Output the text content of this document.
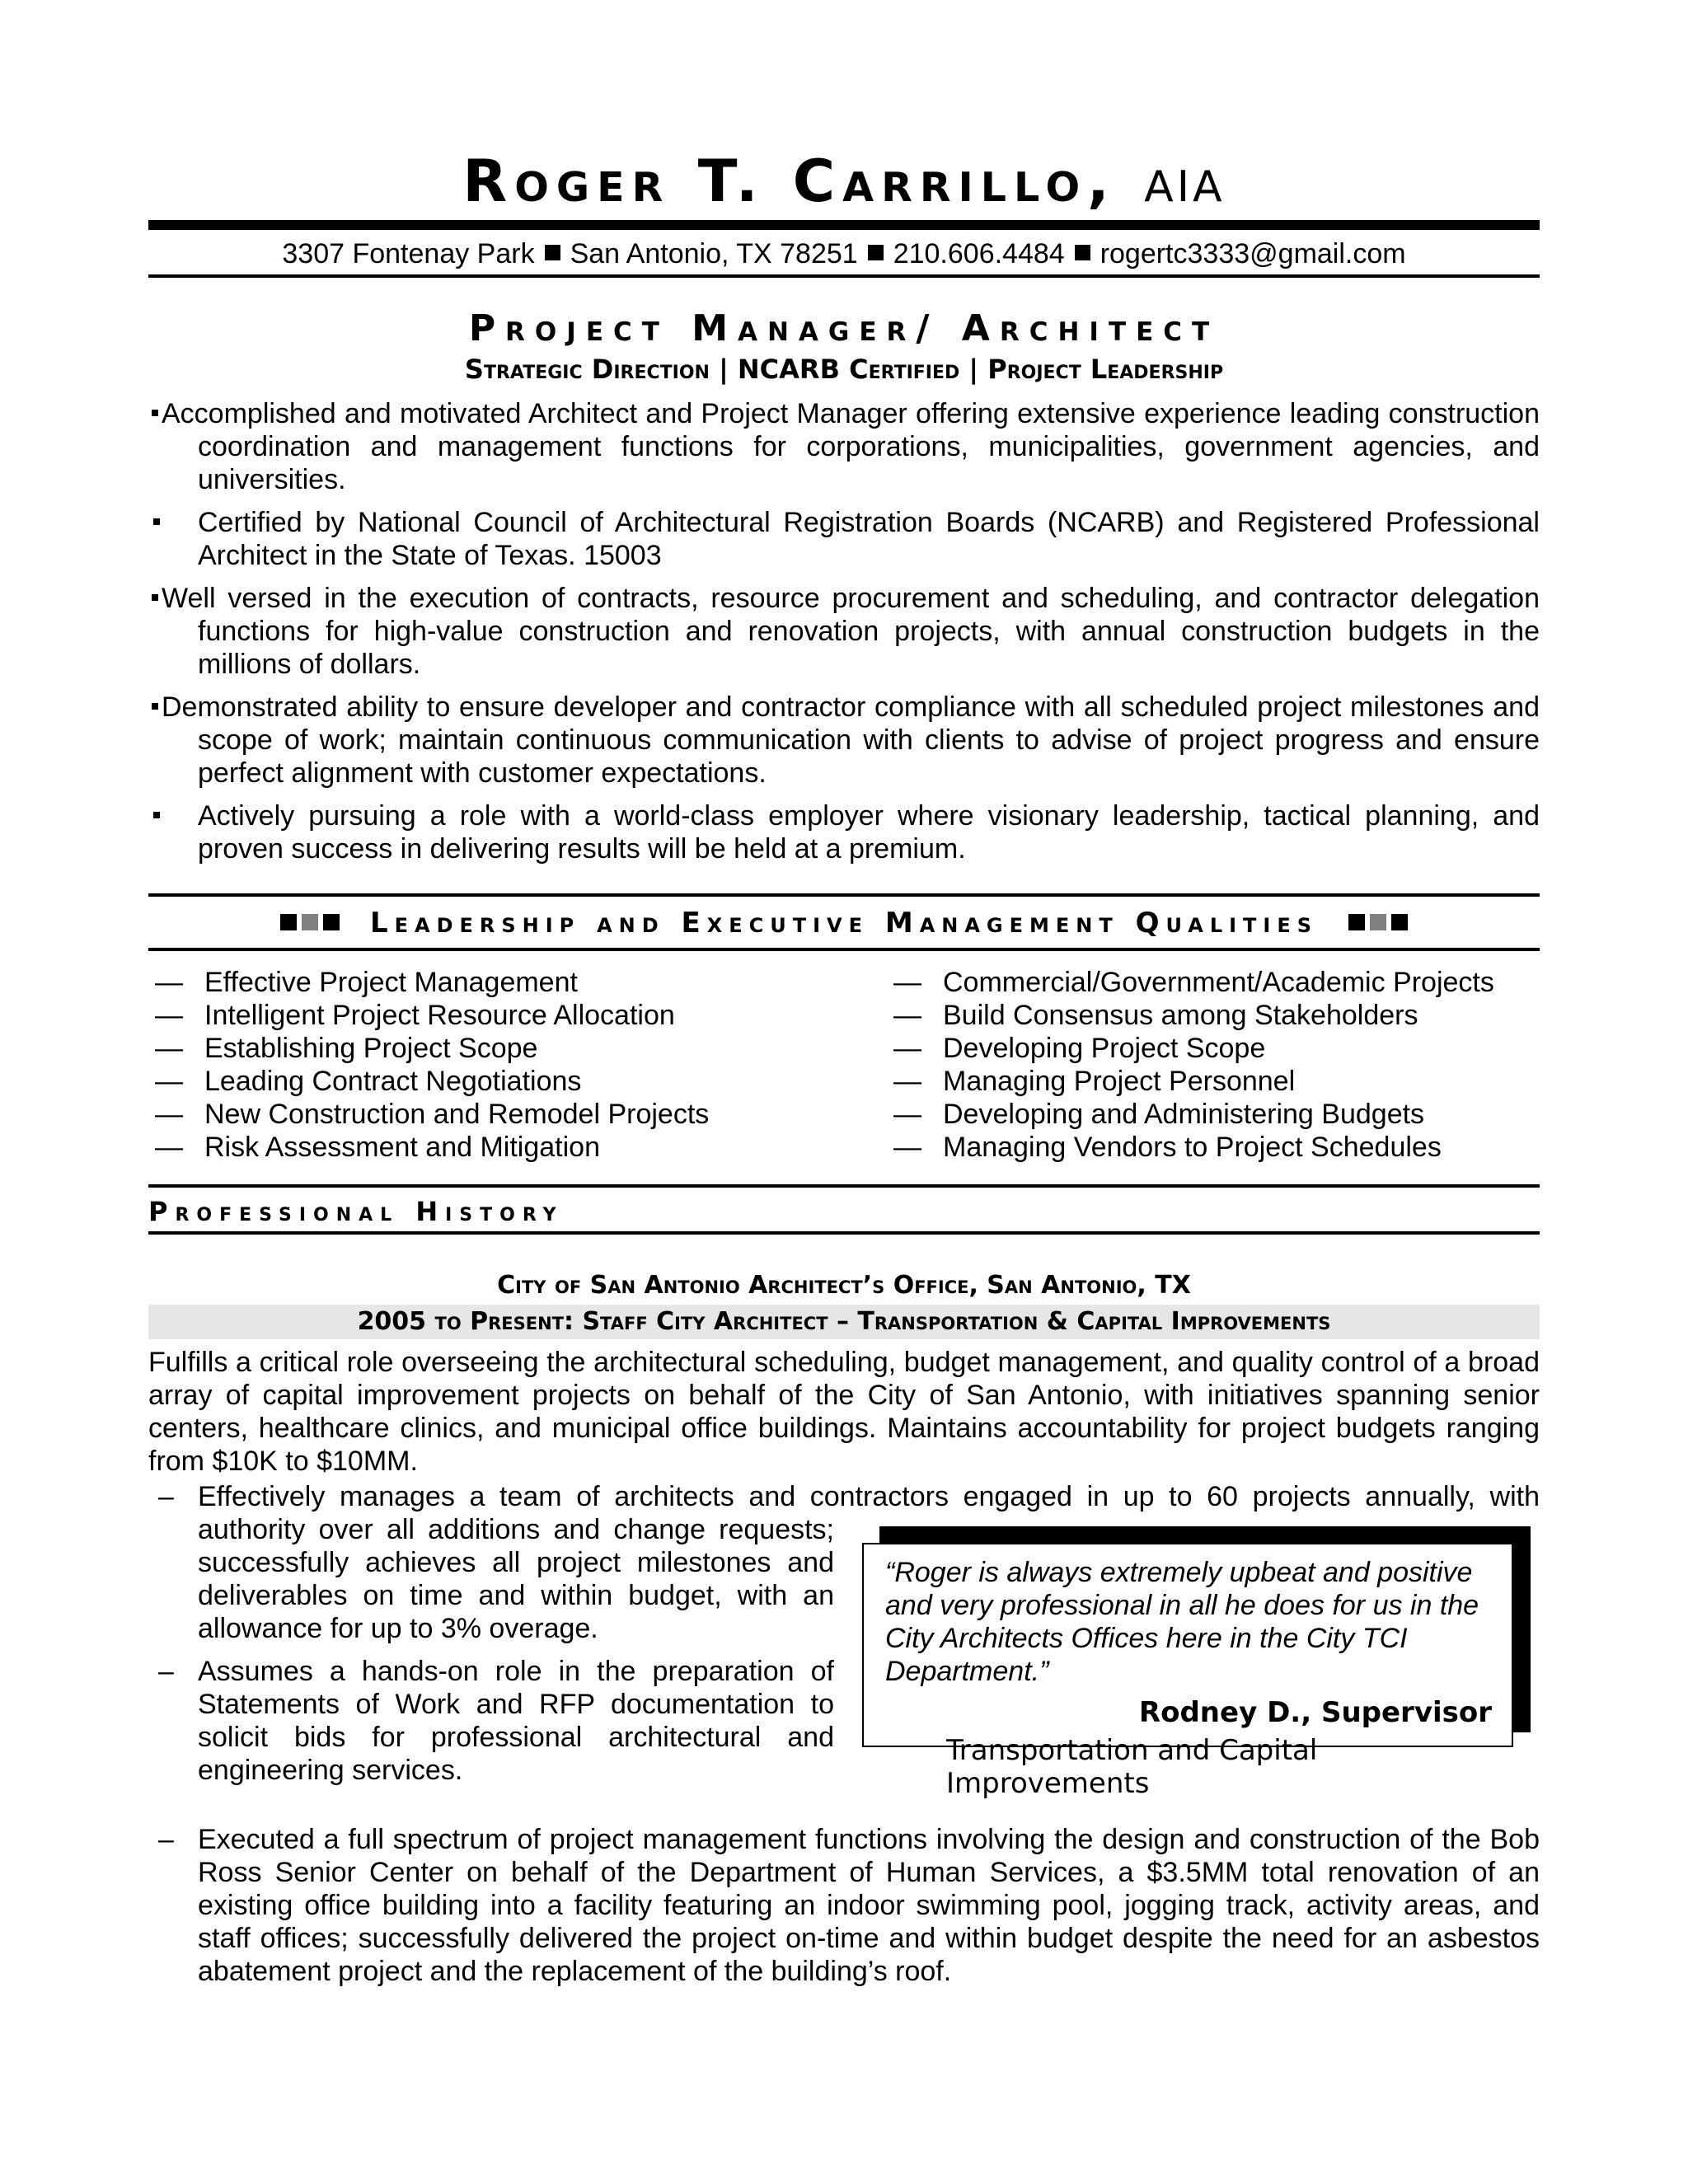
Roger T. Carrillo, AIA
3307 Fontenay Park San Antonio, TX 78251 210.606.4484 rogertc3333@gmail.com
Project Manager/ Architect
Strategic Direction | NCARB Certified | Project Leadership
Accomplished and motivated Architect and Project Manager offering extensive experience leading construction coordination and management functions for corporations, municipalities, government agencies, and universities.
Certified by National Council of Architectural Registration Boards (NCARB) and Registered Professional Architect in the State of Texas. 15003
Well versed in the execution of contracts, resource procurement and scheduling, and contractor delegation functions for high-value construction and renovation projects, with annual construction budgets in the millions of dollars.
Demonstrated ability to ensure developer and contractor compliance with all scheduled project milestones and scope of work; maintain continuous communication with clients to advise of project progress and ensure perfect alignment with customer expectations.
Actively pursuing a role with a world-class employer where visionary leadership, tactical planning, and proven success in delivering results will be held at a premium.
Leadership and Executive Management Qualities
— Effective Project Management
— Intelligent Project Resource Allocation
— Establishing Project Scope
— Leading Contract Negotiations
— New Construction and Remodel Projects
— Risk Assessment and Mitigation
— Commercial/Government/Academic Projects
— Build Consensus among Stakeholders
— Developing Project Scope
— Managing Project Personnel
— Developing and Administering Budgets
— Managing Vendors to Project Schedules
Professional History
City of San Antonio Architect’s Office, San Antonio, TX
2005 to Present: Staff City Architect – Transportation & Capital Improvements
Fulfills a critical role overseeing the architectural scheduling, budget management, and quality control of a broad array of capital improvement projects on behalf of the City of San Antonio, with initiatives spanning senior centers, healthcare clinics, and municipal office buildings. Maintains accountability for project budgets ranging from $10K to $10MM.
– Effectively manages a team of architects and contractors engaged in up to 60 projects annually, with
authority over all additions and change requests; successfully achieves all project milestones and deliverables on time and within budget, with an allowance for up to 3% overage.
– Assumes a hands-on role in the preparation of Statements of Work and RFP documentation to solicit bids for professional architectural and engineering services.
“Roger is always extremely upbeat and positive and very professional in all he does for us in the City Architects Offices here in the City TCI Department.”
Rodney D., Supervisor
Transportation and Capital Improvements
– Executed a full spectrum of project management functions involving the design and construction of the Bob Ross Senior Center on behalf of the Department of Human Services, a $3.5MM total renovation of an existing office building into a facility featuring an indoor swimming pool, jogging track, activity areas, and staff offices; successfully delivered the project on-time and within budget despite the need for an asbestos abatement project and the replacement of the building’s roof.
